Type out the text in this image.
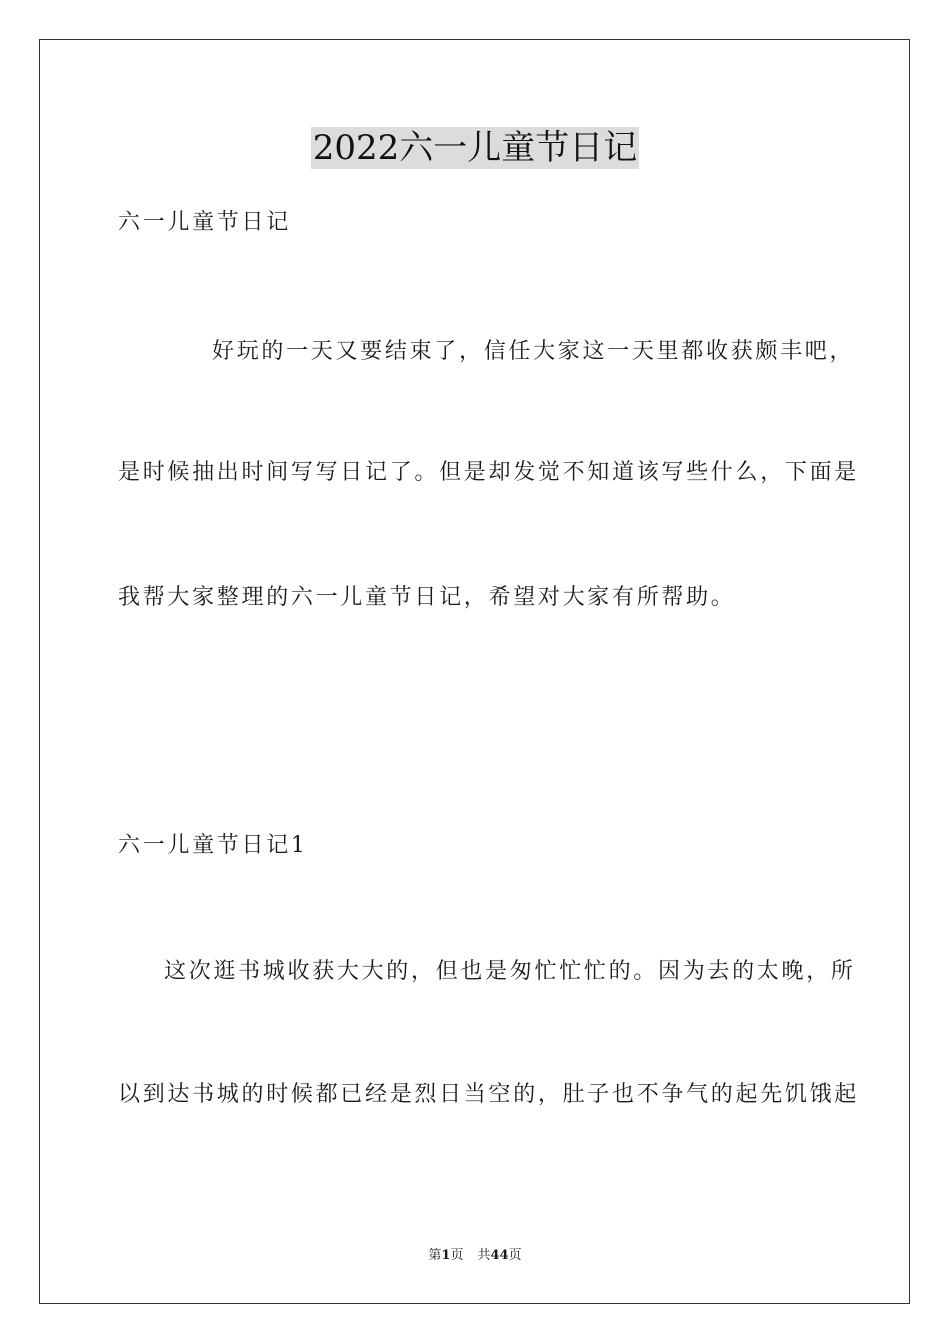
2022六一儿童节日记
六一儿童节日记
好玩的一天又要结束了，信任大家这一天里都收获颇丰吧，
是时候抽出时间写写日记了。但是却发觉不知道该写些什么，下面是
我帮大家整理的六一儿童节日记，希望对大家有所帮助。
六一儿童节日记1
这次逛书城收获大大的，但也是匆忙忙忙的。因为去的太晚，所
以到达书城的时候都已经是烈日当空的，肚子也不争气的起先饥饿起
第1页 共44页
